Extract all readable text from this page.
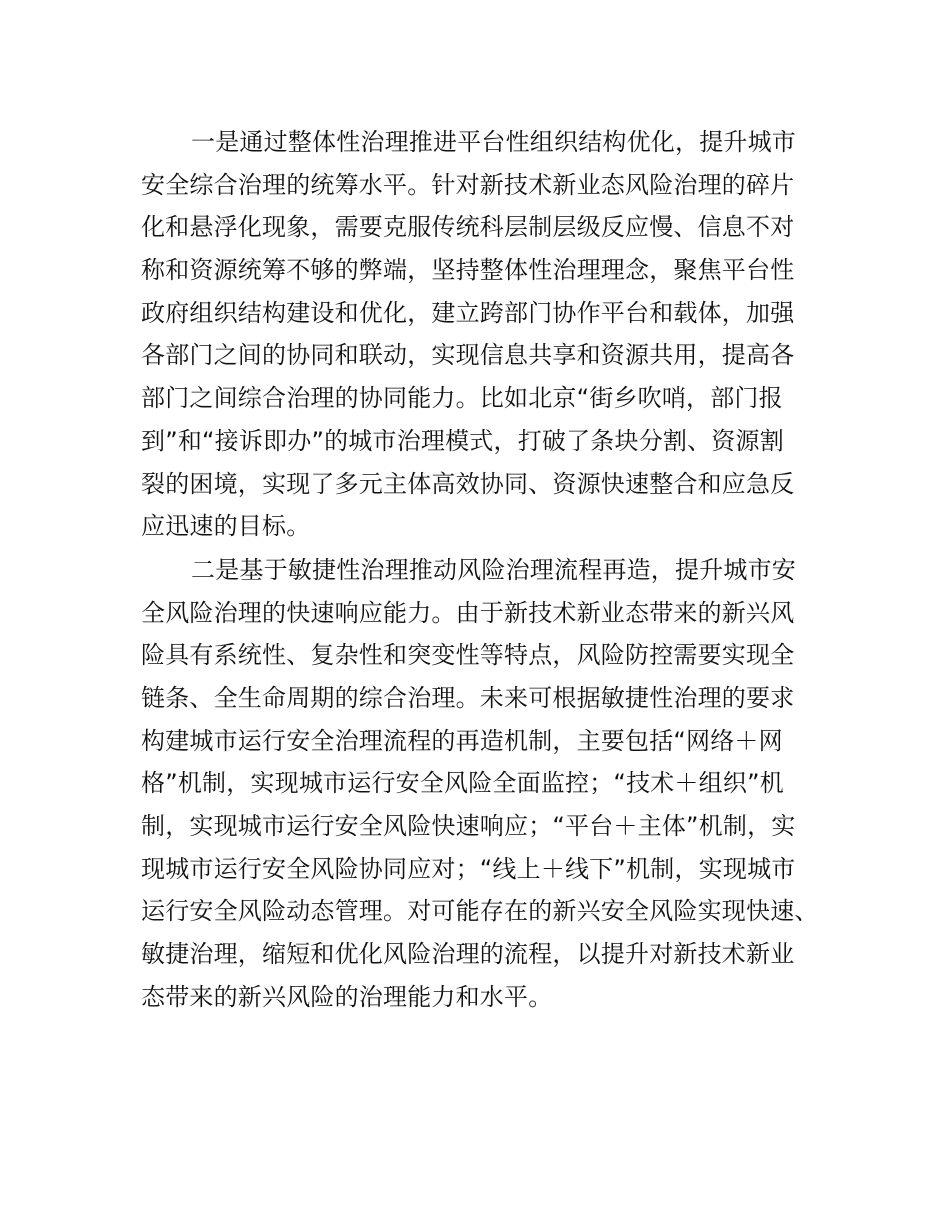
一是通过整体性治理推进平台性组织结构优化，提升城市
安全综合治理的统筹水平。针对新技术新业态风险治理的碎片
化和悬浮化现象，需要克服传统科层制层级反应慢、信息不对
称和资源统筹不够的弊端，坚持整体性治理理念，聚焦平台性
政府组织结构建设和优化，建立跨部门协作平台和载体，加强
各部门之间的协同和联动，实现信息共享和资源共用，提高各
部门之间综合治理的协同能力。比如北京“街乡吹哨，部门报
到”和“接诉即办”的城市治理模式，打破了条块分割、资源割
裂的困境，实现了多元主体高效协同、资源快速整合和应急反
应迅速的目标。
二是基于敏捷性治理推动风险治理流程再造，提升城市安
全风险治理的快速响应能力。由于新技术新业态带来的新兴风
险具有系统性、复杂性和突变性等特点，风险防控需要实现全
链条、全生命周期的综合治理。未来可根据敏捷性治理的要求
构建城市运行安全治理流程的再造机制，主要包括“网络＋网
格”机制，实现城市运行安全风险全面监控；“技术＋组织”机
制，实现城市运行安全风险快速响应；“平台＋主体”机制，实
现城市运行安全风险协同应对；“线上＋线下”机制，实现城市
运行安全风险动态管理。对可能存在的新兴安全风险实现快速、
敏捷治理，缩短和优化风险治理的流程，以提升对新技术新业
态带来的新兴风险的治理能力和水平。
